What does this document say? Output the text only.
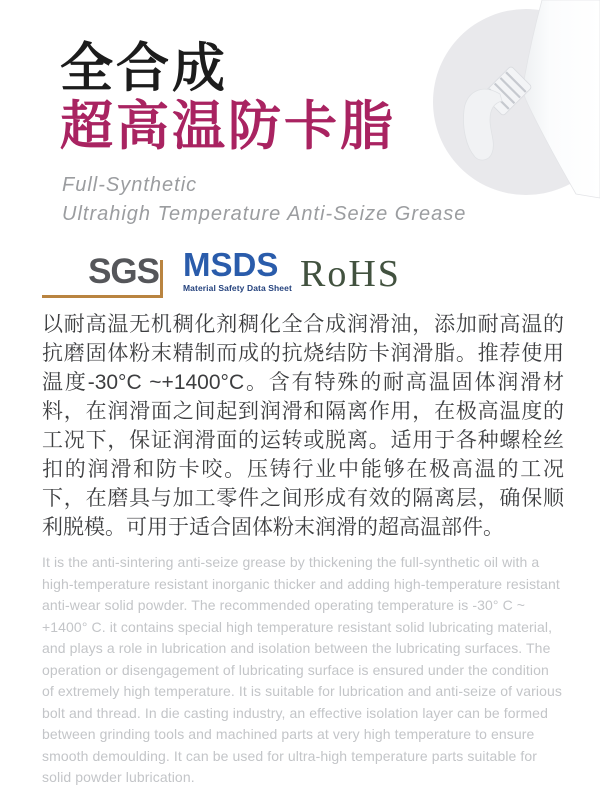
全合成
超高温防卡脂
Full-Synthetic
Ultrahigh Temperature Anti-Seize Grease
SGS MSDS
Material Safety Data Sheet RoHS

以耐高温无机稠化剂稠化全合成润滑油，添加耐高温的抗磨固体粉末精制而成的抗烧结防卡润滑脂。推荐使用温度-30°C ~+1400°C。含有特殊的耐高温固体润滑材料，在润滑面之间起到润滑和隔离作用，在极高温度的工况下，保证润滑面的运转或脱离。适用于各种螺栓丝扣的润滑和防卡咬。压铸行业中能够在极高温的工况下，在磨具与加工零件之间形成有效的隔离层，确保顺利脱模。可用于适合固体粉末润滑的超高温部件。

It is the anti-sintering anti-seize grease by thickening the full-synthetic oil with a high-temperature resistant inorganic thicker and adding high-temperature resistant anti-wear solid powder. The recommended operating temperature is -30° C ~ +1400° C. it contains special high temperature resistant solid lubricating material, and plays a role in lubrication and isolation between the lubricating surfaces. The operation or disengagement of lubricating surface is ensured under the condition of extremely high temperature. It is suitable for lubrication and anti-seize of various bolt and thread. In die casting industry, an effective isolation layer can be formed between grinding tools and machined parts at very high temperature to ensure smooth demoulding. It can be used for ultra-high temperature parts suitable for solid powder lubrication.
